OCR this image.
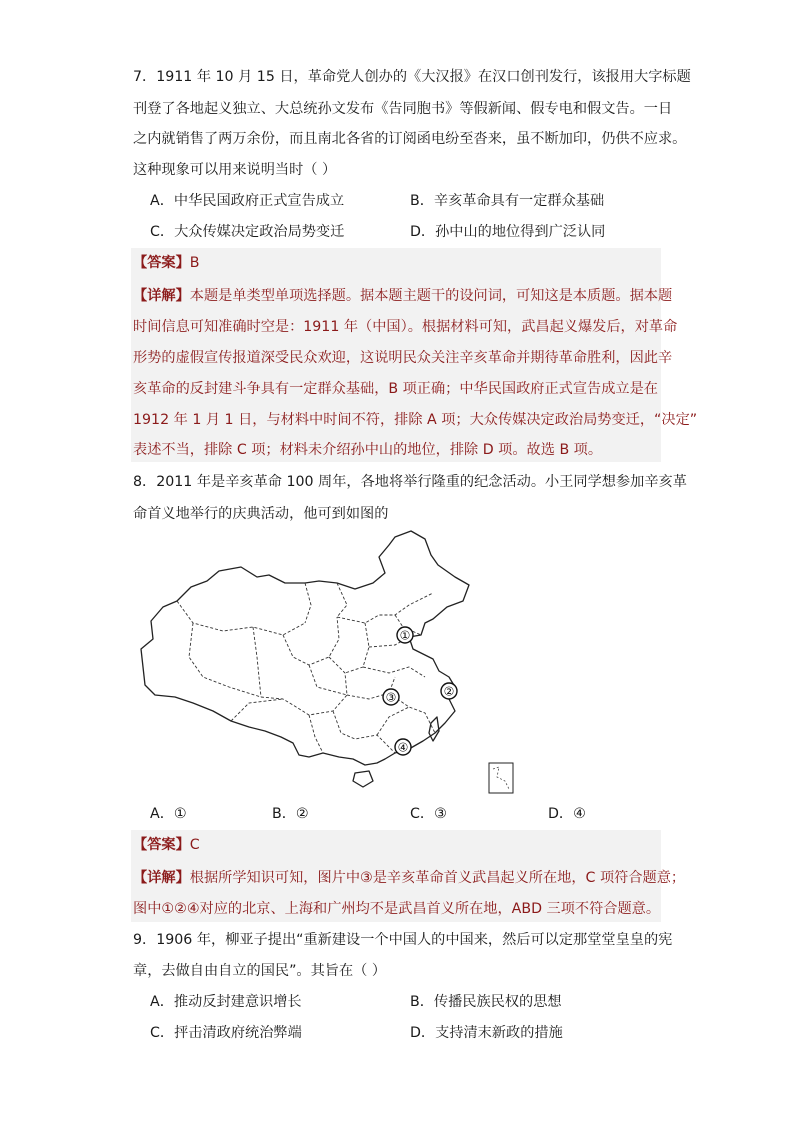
7．1911 年 10 月 15 日，革命党人创办的《大汉报》在汉口创刊发行，该报用大字标题
刊登了各地起义独立、大总统孙文发布《告同胞书》等假新闻、假专电和假文告。一日
之内就销售了两万余份，而且南北各省的订阅函电纷至沓来，虽不断加印，仍供不应求。
这种现象可以用来说明当时（ ）
A．中华民国政府正式宣告成立	B．辛亥革命具有一定群众基础
C．大众传媒决定政治局势变迁	D．孙中山的地位得到广泛认同
【答案】B
【详解】本题是单类型单项选择题。据本题主题干的设问词，可知这是本质题。据本题
时间信息可知准确时空是：1911 年（中国）。根据材料可知，武昌起义爆发后，对革命
形势的虚假宣传报道深受民众欢迎，这说明民众关注辛亥革命并期待革命胜利，因此辛
亥革命的反封建斗争具有一定群众基础，B 项正确；中华民国政府正式宣告成立是在
1912 年 1 月 1 日，与材料中时间不符，排除 A 项；大众传媒决定政治局势变迁，“决定”
表述不当，排除 C 项；材料未介绍孙中山的地位，排除 D 项。故选 B 项。
8．2011 年是辛亥革命 100 周年，各地将举行隆重的纪念活动。小王同学想参加辛亥革
命首义地举行的庆典活动，他可到如图的
①
②
③
④
A．①	B．②	C．③	D．④
【答案】C
【详解】根据所学知识可知，图片中③是辛亥革命首义武昌起义所在地，C 项符合题意；
图中①②④对应的北京、上海和广州均不是武昌首义所在地，ABD 三项不符合题意。
9．1906 年，柳亚子提出“重新建设一个中国人的中国来，然后可以定那堂堂皇皇的宪
章，去做自由自立的国民”。其旨在（ ）
A．推动反封建意识增长	B．传播民族民权的思想
C．抨击清政府统治弊端	D．支持清末新政的措施
